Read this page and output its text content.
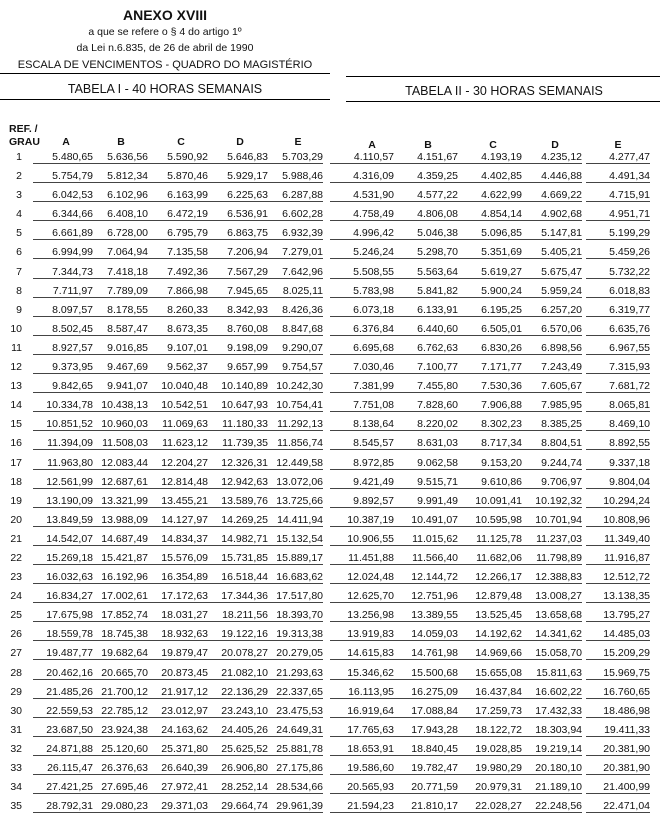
ANEXO XVIII
a que se refere o § 4 do artigo 1º
da Lei n.6.835, de 26 de abril de 1990
ESCALA DE VENCIMENTOS - QUADRO DO MAGISTÉRIO
TABELA I - 40 HORAS SEMANAIS	TABELA II - 30 HORAS SEMANAIS
REF. /
GRAU	A	B	C	D	E	A	B	C	D	E
1	5.480,65	5.636,56	5.590,92	5.646,83	5.703,29
2	5.754,79	5.812,34	5.870,46	5.929,17	5.988,46
3	6.042,53	6.102,96	6.163,99	6.225,63	6.287,88
4	6.344,66	6.408,10	6.472,19	6.536,91	6.602,28
5	6.661,89	6.728,00	6.795,79	6.863,75	6.932,39
6	6.994,99	7.064,94	7.135,58	7.206,94	7.279,01
7	7.344,73	7.418,18	7.492,36	7.567,29	7.642,96
8	7.711,97	7.789,09	7.866,98	7.945,65	8.025,11
9	8.097,57	8.178,55	8.260,33	8.342,93	8.426,36
10	8.502,45	8.587,47	8.673,35	8.760,08	8.847,68
11	8.927,57	9.016,85	9.107,01	9.198,09	9.290,07
12	9.373,95	9.467,69	9.562,37	9.657,99	9.754,57
13	9.842,65	9.941,07	10.040,48	10.140,89 10.242,30
14	10.334,78 10.438,13	10.542,51	10.647,93 10.754,41
15	10.851,52 10.960,03	11.069,63	11.180,33 11.292,13
16	11.394,09 11.508,03	11.623,12	11.739,35 11.856,74
17	11.963,80 12.083,44	12.204,27	12.326,31 12.449,58
18	12.561,99 12.687,61	12.814,48	12.942,63 13.072,06
19	13.190,09 13.321,99	13.455,21	13.589,76 13.725,66
20	13.849,59 13.988,09	14.127,97	14.269,25 14.411,94
21	14.542,07 14.687,49	14.834,37	14.982,71 15.132,54
22	15.269,18 15.421,87	15.576,09	15.731,85 15.889,17
23	16.032,63 16.192,96	16.354,89	16.518,44 16.683,62
24	16.834,27 17.002,61	17.172,63	17.344,36 17.517,80
25	17.675,98 17.852,74	18.031,27	18.211,56 18.393,70
26	18.559,78 18.745,38	18.932,63	19.122,16 19.313,38
27	19.487,77 19.682,64	19.879,47	20.078,27 20.279,05
28	20.462,16 20.665,70	20.873,45	21.082,10 21.293,63
29	21.485,26 21.700,12	21.917,12	22.136,29 22.337,65
30	22.559,53 22.785,12	23.012,97	23.243,10 23.475,53
31	23.687,50 23.924,38	24.163,62	24.405,26 24.649,31
32	24.871,88 25.120,60	25.371,80	25.625,52 25.881,78
33	26.115,47 26.376,63	26.640,39	26.906,80 27.175,86
34	27.421,25 27.695,46	27.972,41	28.252,14 28.534,66
35	28.792,31 29.080,23	29.371,03	29.664,74 29.961,39
4.110,57	4.151,67	4.193,19	4.235,12	4.277,47
4.316,09	4.359,25	4.402,85	4.446,88	4.491,34
4.531,90	4.577,22	4.622,99	4.669,22	4.715,91
4.758,49	4.806,08	4.854,14	4.902,68	4.951,71
4.996,42	5.046,38	5.096,85	5.147,81	5.199,29
5.246,24	5.298,70	5.351,69	5.405,21	5.459,26
5.508,55	5.563,64	5.619,27	5.675,47	5.732,22
5.783,98	5.841,82	5.900,24	5.959,24	6.018,83
6.073,18	6.133,91	6.195,25	6.257,20	6.319,77
6.376,84	6.440,60	6.505,01	6.570,06	6.635,76
6.695,68	6.762,63	6.830,26	6.898,56	6.967,55
7.030,46	7.100,77	7.171,77	7.243,49	7.315,93
7.381,99	7.455,80	7.530,36	7.605,67	7.681,72
7.751,08	7.828,60	7.906,88	7.985,95	8.065,81
8.138,64	8.220,02	8.302,23	8.385,25	8.469,10
8.545,57	8.631,03	8.717,34	8.804,51	8.892,55
8.972,85	9.062,58	9.153,20	9.244,74	9.337,18
9.421,49	9.515,71	9.610,86	9.706,97	9.804,04
9.892,57	9.991,49	10.091,41	10.192,32	10.294,24
10.387,19	10.491,07	10.595,98	10.701,94	10.808,96
10.906,55	11.015,62	11.125,78	11.237,03	11.349,40
11.451,88	11.566,40	11.682,06	11.798,89	11.916,87
12.024,48	12.144,72	12.266,17	12.388,83	12.512,72
12.625,70	12.751,96	12.879,48	13.008,27	13.138,35
13.256,98	13.389,55	13.525,45	13.658,68	13.795,27
13.919,83	14.059,03	14.192,62	14.341,62	14.485,03
14.615,83	14.761,98	14.969,66	15.058,70	15.209,29
15.346,62	15.500,68	15.655,08	15.811,63	15.969,75
16.113,95	16.275,09	16.437,84	16.602,22	16.760,65
16.919,64	17.088,84	17.259,73	17.432,33	18.486,98
17.765,63	17.943,28	18.122,72	18.303,94	19.411,33
18.653,91	18.840,45	19.028,85	19.219,14	20.381,90
19.586,60	19.782,47	19.980,29	20.180,10	20.381,90
20.565,93	20.771,59	20.979,31	21.189,10	21.400,99
21.594,23	21.810,17	22.028,27	22.248,56	22.471,04
